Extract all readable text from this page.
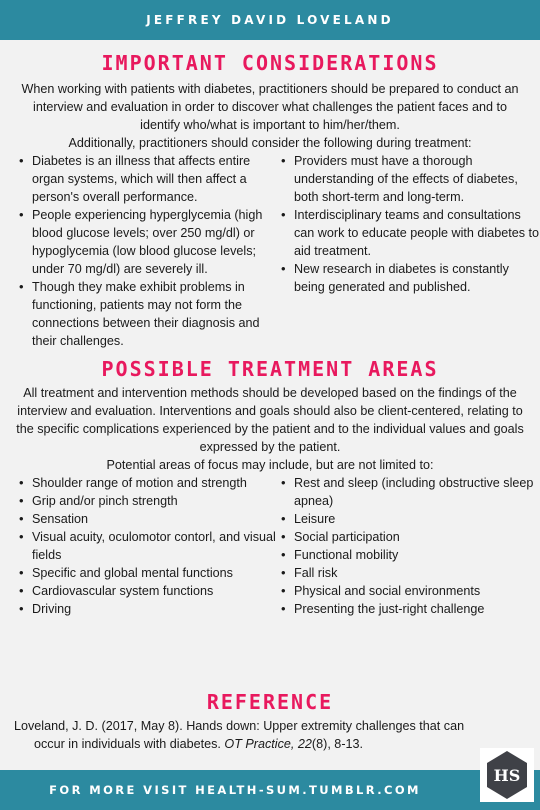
JEFFREY DAVID LOVELAND
IMPORTANT CONSIDERATIONS

When working with patients with diabetes, practitioners should be prepared to conduct an interview and evaluation in order to discover what challenges the patient faces and to identify who/what is important to him/her/them.

Additionally, practitioners should consider the following during treatment:

• Diabetes is an illness that affects entire organ systems, which will then affect a person's overall performance.
• People experiencing hyperglycemia (high blood glucose levels; over 250 mg/dl) or hypoglycemia (low blood glucose levels; under 70 mg/dl) are severely ill.
• Though they make exhibit problems in functioning, patients may not form the connections between their diagnosis and their challenges.
• Providers must have a thorough understanding of the effects of diabetes, both short-term and long-term.
• Interdisciplinary teams and consultations can work to educate people with diabetes to aid treatment.
• New research in diabetes is constantly being generated and published.
POSSIBLE TREATMENT AREAS

All treatment and intervention methods should be developed based on the findings of the interview and evaluation. Interventions and goals should also be client-centered, relating to the specific complications experienced by the patient and to the individual values and goals expressed by the patient.

Potential areas of focus may include, but are not limited to:

• Shoulder range of motion and strength
• Grip and/or pinch strength
• Sensation
• Visual acuity, oculomotor contorl, and visual fields
• Specific and global mental functions
• Cardiovascular system functions
• Driving
• Rest and sleep (including obstructive sleep apnea)
• Leisure
• Social participation
• Functional mobility
• Fall risk
• Physical and social environments
• Presenting the just-right challenge
REFERENCE

Loveland, J. D. (2017, May 8). Hands down: Upper extremity challenges that can
occur in individuals with diabetes. OT Practice, 22(8), 8-13.

FOR MORE VISIT HEALTH-SUM.TUMBLR.COM
HS
